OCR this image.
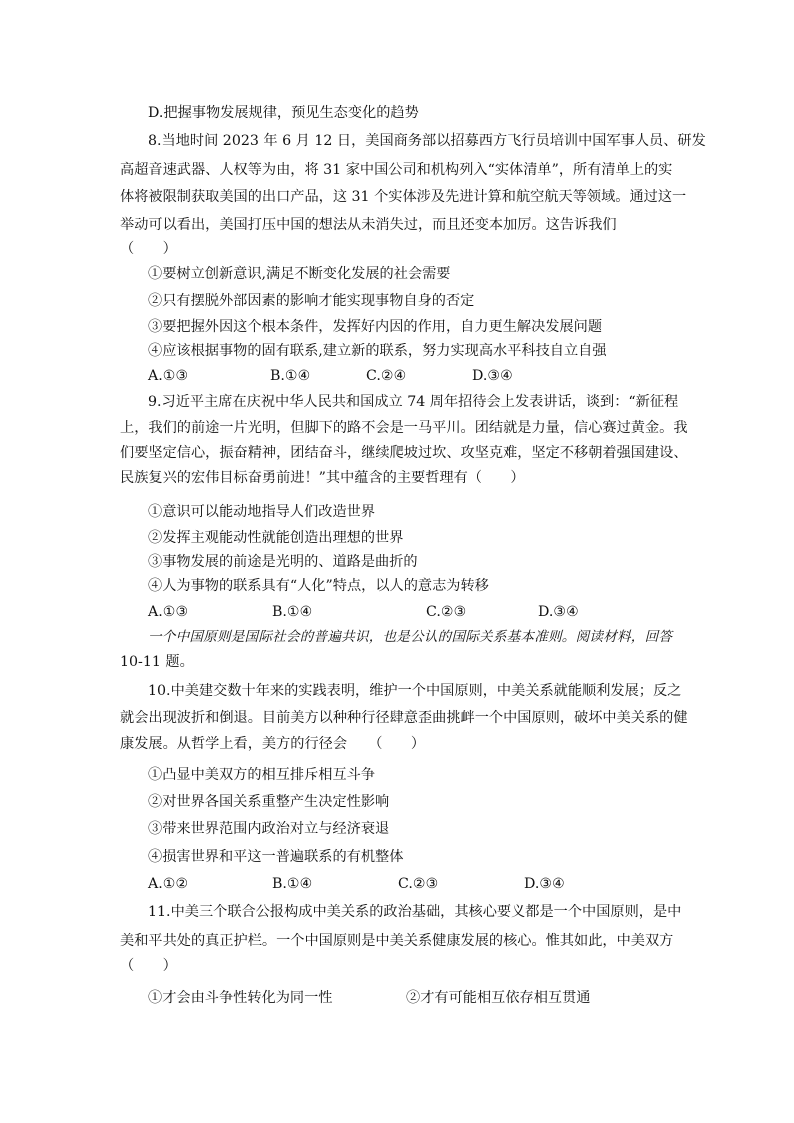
D.把握事物发展规律，预见生态变化的趋势
8.当地时间 2023 年 6 月 12 日，美国商务部以招募西方飞行员培训中国军事人员、研发
高超音速武器、人权等为由，将 31 家中国公司和机构列入“实体清单”，所有清单上的实
体将被限制获取美国的出口产品，这 31 个实体涉及先进计算和航空航天等领域。通过这一
举动可以看出，美国打压中国的想法从未消失过，而且还变本加厉。这告诉我们
（　　）
①要树立创新意识,满足不断变化发展的社会需要
②只有摆脱外部因素的影响才能实现事物自身的否定
③要把握外因这个根本条件，发挥好内因的作用，自力更生解决发展问题
④应该根据事物的固有联系,建立新的联系，努力实现高水平科技自立自强
A.①③	B.①④	C.②④	D.③④
9.习近平主席在庆祝中华人民共和国成立 74 周年招待会上发表讲话，谈到：“新征程
上，我们的前途一片光明，但脚下的路不会是一马平川。团结就是力量，信心赛过黄金。我
们要坚定信心，振奋精神，团结奋斗，继续爬坡过坎、攻坚克难，坚定不移朝着强国建设、
民族复兴的宏伟目标奋勇前进！”其中蕴含的主要哲理有（　　）
①意识可以能动地指导人们改造世界
②发挥主观能动性就能创造出理想的世界
③事物发展的前途是光明的、道路是曲折的
④人为事物的联系具有“人化”特点，以人的意志为转移
A.①③	B.①④	C.②③	D.③④
一个中国原则是国际社会的普遍共识，也是公认的国际关系基本准则。阅读材料，回答
10-11 题。
10.中美建交数十年来的实践表明，维护一个中国原则，中美关系就能顺利发展；反之
就会出现波折和倒退。目前美方以种种行径肆意歪曲挑衅一个中国原则，破坏中美关系的健
康发展。从哲学上看，美方的行径会　　（　　）
①凸显中美双方的相互排斥相互斗争
②对世界各国关系重整产生决定性影响
③带来世界范围内政治对立与经济衰退
④损害世界和平这一普遍联系的有机整体
A.①②	B.①④	C.②③	D.③④
11.中美三个联合公报构成中美关系的政治基础，其核心要义都是一个中国原则，是中
美和平共处的真正护栏。一个中国原则是中美关系健康发展的核心。惟其如此，中美双方
（　　）
①才会由斗争性转化为同一性	②才有可能相互依存相互贯通
